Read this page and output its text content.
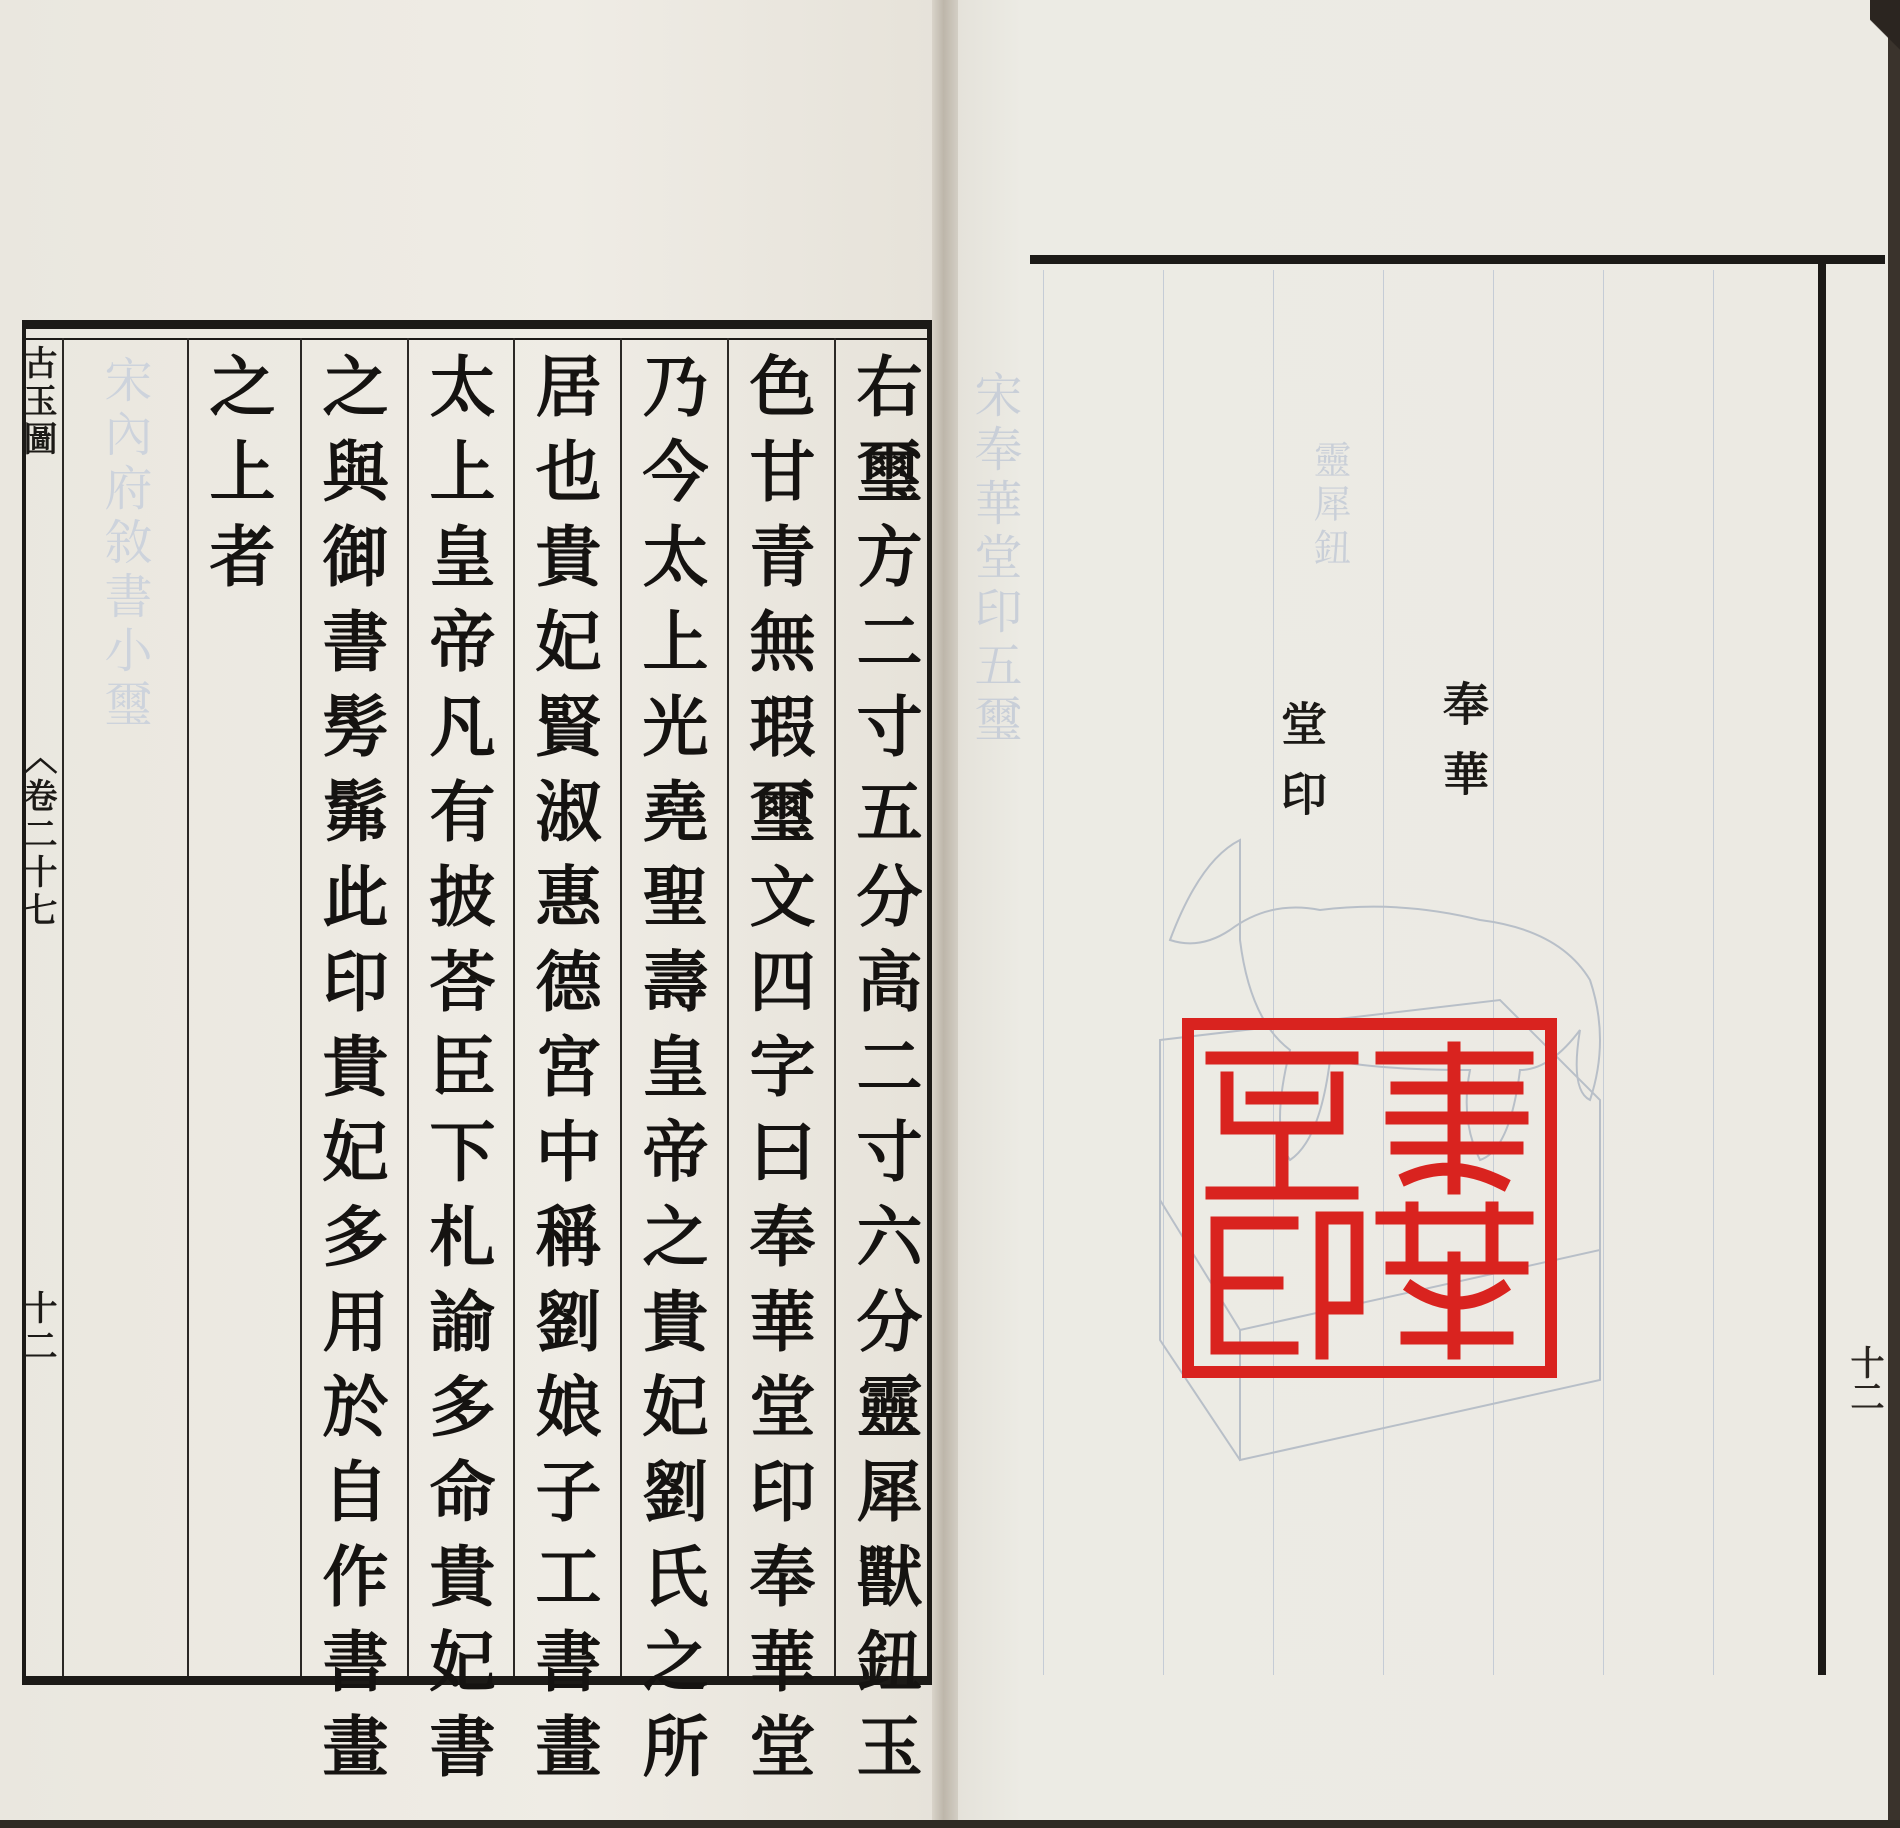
宋內府敘書小璽

古玉圖
〈卷二十七
十二	右璽方二寸五分高二寸六分靈犀獸鈕玉
色甘青無瑕璽文四字曰奉華堂印奉華堂
乃今太上光堯聖壽皇帝之貴妃劉氏之所
居也貴妃賢淑惠德宮中稱劉娘子工書畫
太上皇帝凡有披荅臣下札諭多命貴妃書
之與御書髣髴此印貴妃多用於自作書畫
之上者	宋奉華堂印五璽	靈犀鈕
奉華
堂印
十二
